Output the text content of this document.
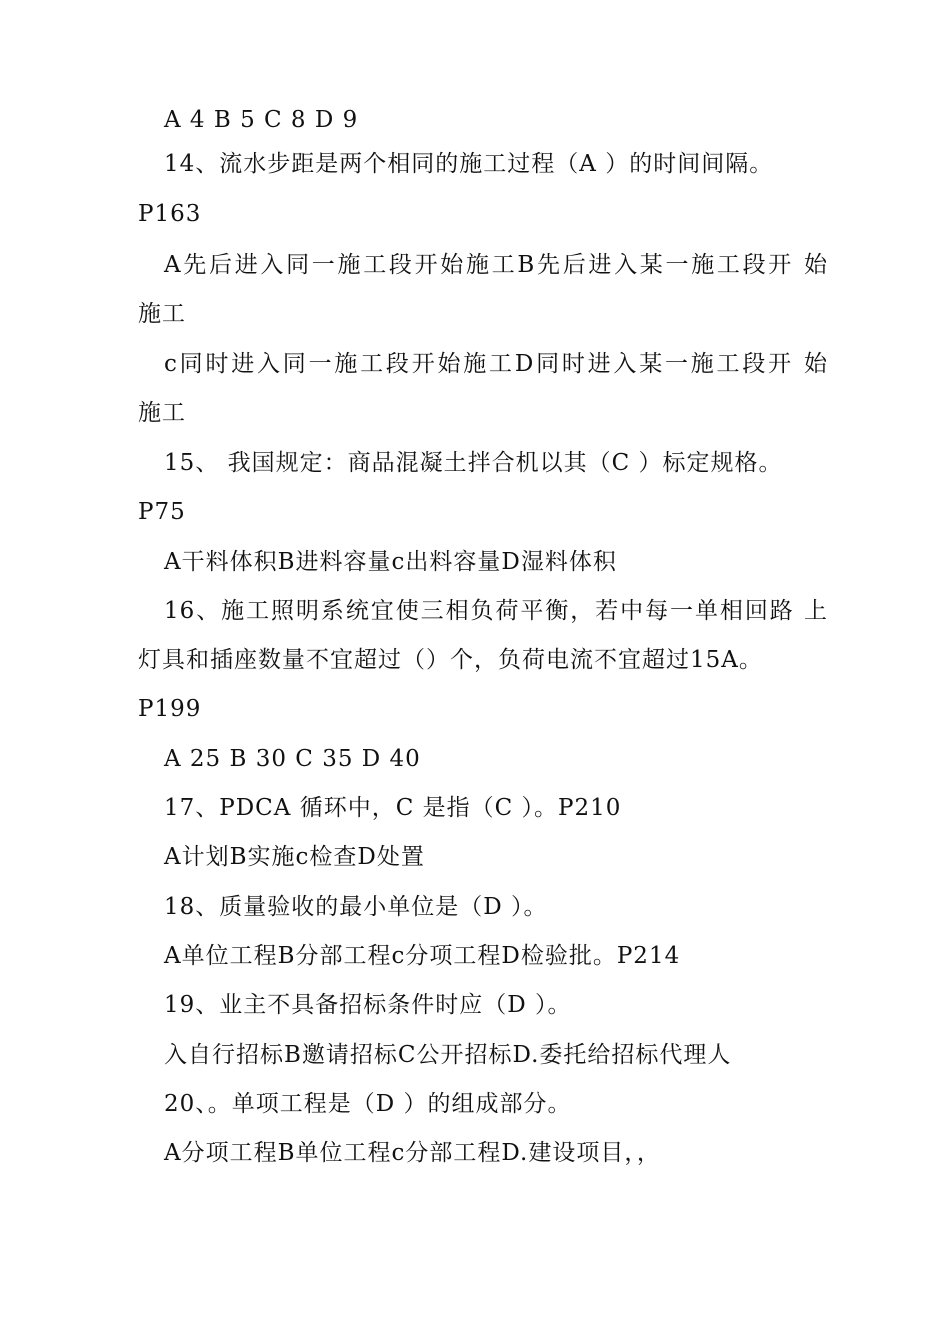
A 4 B 5 C 8 D 9
14、流水步距是两个相同的施工过程（A ）的时间间隔。
P163
A先后进入同一施工段开始施工B先后进入某一施工段开 始
施工
c同时进入同一施工段开始施工D同时进入某一施工段开 始
施工
15、 我国规定：商品混凝土拌合机以其（C ）标定规格。
P75
A干料体积B进料容量c出料容量D湿料体积
16、施工照明系统宜使三相负荷平衡，若中每一单相回路 上
灯具和插座数量不宜超过（）个，负荷电流不宜超过15A。
P199
A 25 B 30 C 35 D 40
17、PDCA 循环中，C 是指（C ）。P210
A计划B实施c检查D处置
18、质量验收的最小单位是（D ）。
A单位工程B分部工程c分项工程D检验批。P214
19、业主不具备招标条件时应（D ）。
入自行招标B邀请招标C公开招标D.委托给招标代理人
20、。单项工程是（D ）的组成部分。
A分项工程B单位工程c分部工程D.建设项目，，
